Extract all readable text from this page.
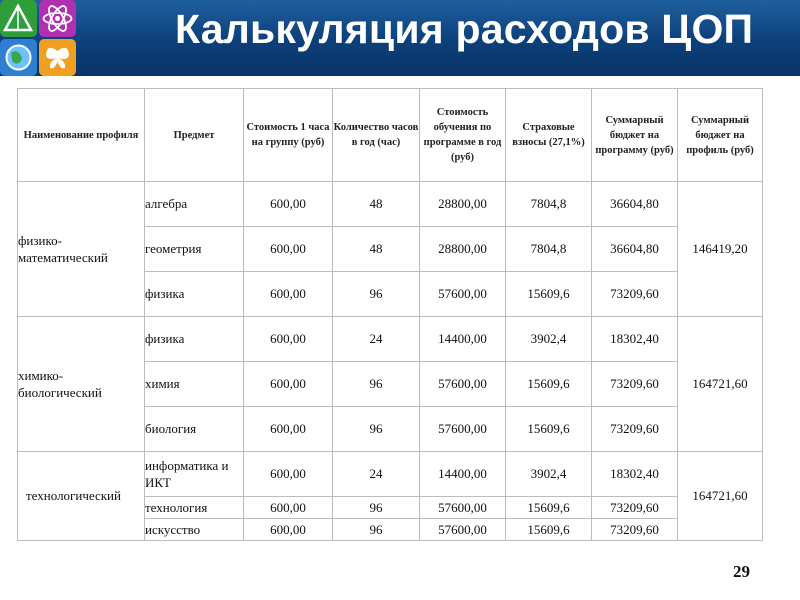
Калькуляция расходов ЦОП
Наименование профиля	Предмет	Стоимость 1 часа на группу (руб)	Количество часов в год (час)	Стоимость обучения по программе в год (руб)	Страховые взносы (27,1%)	Суммарный бюджет на программу (руб)	Суммарный бюджет на профиль (руб)
физико-математический	алгебра	600,00	48	28800,00	7804,8	36604,80	146419,20
	геометрия	600,00	48	28800,00	7804,8	36604,80	
	физика	600,00	96	57600,00	15609,6	73209,60	
химико-биологический	физика	600,00	24	14400,00	3902,4	18302,40	164721,60
	химия	600,00	96	57600,00	15609,6	73209,60	
	биология	600,00	96	57600,00	15609,6	73209,60	
технологический	информатика и ИКТ	600,00	24	14400,00	3902,4	18302,40	164721,60
	технология	600,00	96	57600,00	15609,6	73209,60	
	искусство	600,00	96	57600,00	15609,6	73209,60	
29
